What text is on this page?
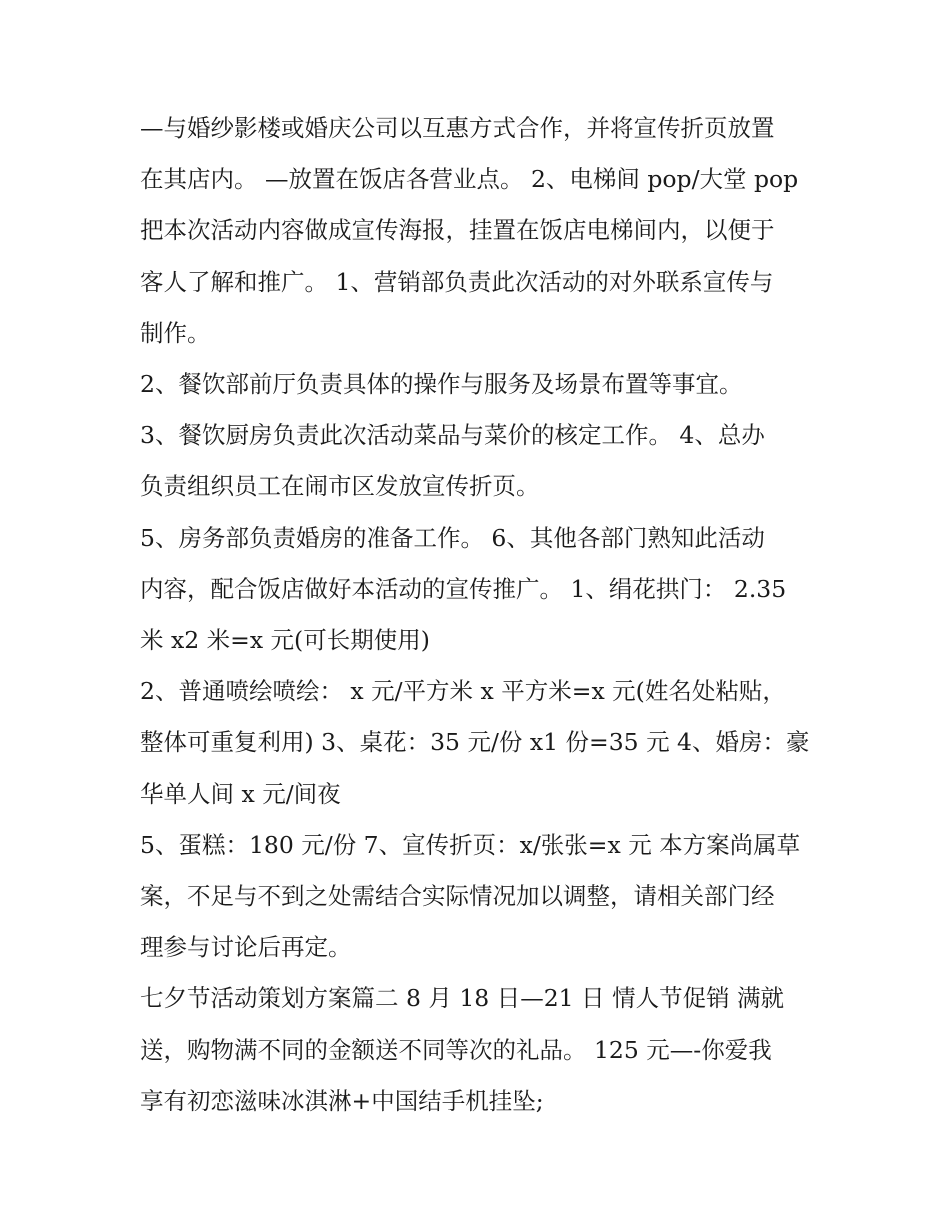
—与婚纱影楼或婚庆公司以互惠方式合作，并将宣传折页放置
在其店内。 —放置在饭店各营业点。 2、电梯间 pop/大堂 pop
把本次活动内容做成宣传海报，挂置在饭店电梯间内，以便于
客人了解和推广。 1、营销部负责此次活动的对外联系宣传与
制作。

2、餐饮部前厅负责具体的操作与服务及场景布置等事宜。

3、餐饮厨房负责此次活动菜品与菜价的核定工作。 4、总办
负责组织员工在闹市区发放宣传折页。

5、房务部负责婚房的准备工作。 6、其他各部门熟知此活动
内容，配合饭店做好本活动的宣传推广。 1、绢花拱门： 2.35
米 x2 米=x 元(可长期使用)

2、普通喷绘喷绘： x 元/平方米 x 平方米=x 元(姓名处粘贴，
整体可重复利用) 3、桌花：35 元/份 x1 份=35 元 4、婚房：豪
华单人间 x 元/间夜

5、蛋糕：180 元/份 7、宣传折页：x/张张=x 元 本方案尚属草
案，不足与不到之处需结合实际情况加以调整，请相关部门经
理参与讨论后再定。

七夕节活动策划方案篇二 8 月 18 日—21 日 情人节促销 满就
送，购物满不同的金额送不同等次的礼品。 125 元—-你爱我
享有初恋滋味冰淇淋+中国结手机挂坠;
